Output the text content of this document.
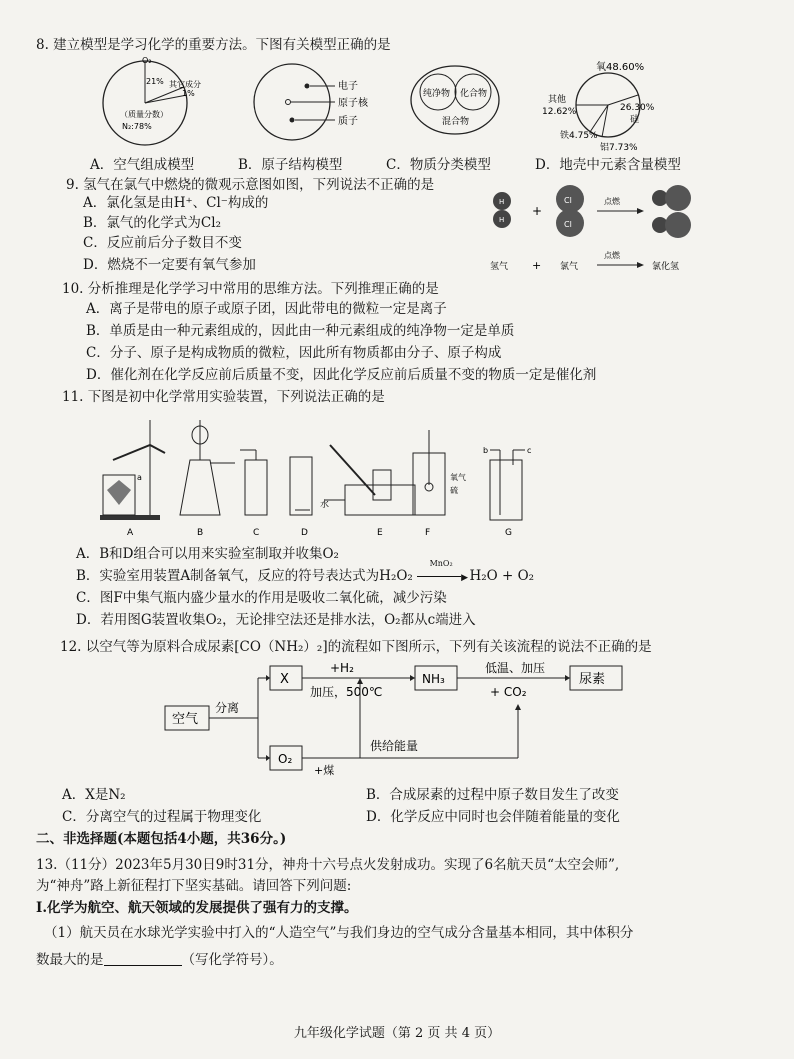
8. 建立模型是学习化学的重要方法。下图有关模型正确的是
O₂
21% 其它成分
1%
（质量分数）
N₂:78%
电子
原子核
质子
纯净物 化合物
混合物
氧48.60%
其他
12.62%	26.30%
硅
铁4.75%
铝7.73%
A．空气组成模型	B．原子结构模型	C．物质分类模型	D．地壳中元素含量模型
9. 氢气在氯气中燃烧的微观示意图如图，下列说法不正确的是
A．氯化氢是由H⁺、Cl⁻构成的
B．氯气的化学式为Cl₂
C．反应前后分子数目不变
D．燃烧不一定要有氧气参加
H
H
+
Cl
Cl
点燃
氢气 + 氯气
点燃
氯化氢
10. 分析推理是化学学习中常用的思维方法。下列推理正确的是
A．离子是带电的原子或原子团，因此带电的微粒一定是离子
B．单质是由一种元素组成的，因此由一种元素组成的纯净物一定是单质
C．分子、原子是构成物质的微粒，因此所有物质都由分子、原子构成
D．催化剂在化学反应前后质量不变，因此化学反应前后质量不变的物质一定是催化剂
11. 下图是初中化学常用实验装置，下列说法正确的是
a
水
氧气
硫
b	c
A	B	C	D	E	F	G
A．B和D组合可以用来实验室制取并收集O₂
B．实验室用装置A制备氧气，反应的符号表达式为H₂O₂
MnO₂
▶ H₂O + O₂
C．图F中集气瓶内盛少量水的作用是吸收二氧化硫，减少污染
D．若用图G装置收集O₂，无论排空法还是排水法，O₂都从c端进入
12. 以空气等为原料合成尿素[CO（NH₂）₂]的流程如下图所示，下列有关该流程的说法不正确的是
空气
X	NH₃	尿素
O₂
分离
+H₂
加压，500℃
低温、加压
+ CO₂
供给能量
+煤
A．X是N₂	B．合成尿素的过程中原子数目发生了改变
C．分离空气的过程属于物理变化	D．化学反应中同时也会伴随着能量的变化
二、非选择题(本题包括4小题，共36分。)
13.（11分）2023年5月30日9时31分，神舟十六号点火发射成功。实现了6名航天员“太空会师”,
为“神舟”路上新征程打下坚实基础。请回答下列问题:
Ⅰ.化学为航空、航天领域的发展提供了强有力的支撑。
（1）航天员在水球光学实验中打入的“人造空气”与我们身边的空气成分含量基本相同，其中体积分
数最大的是	（写化学符号）。
九年级化学试题（第 2 页 共 4 页）
